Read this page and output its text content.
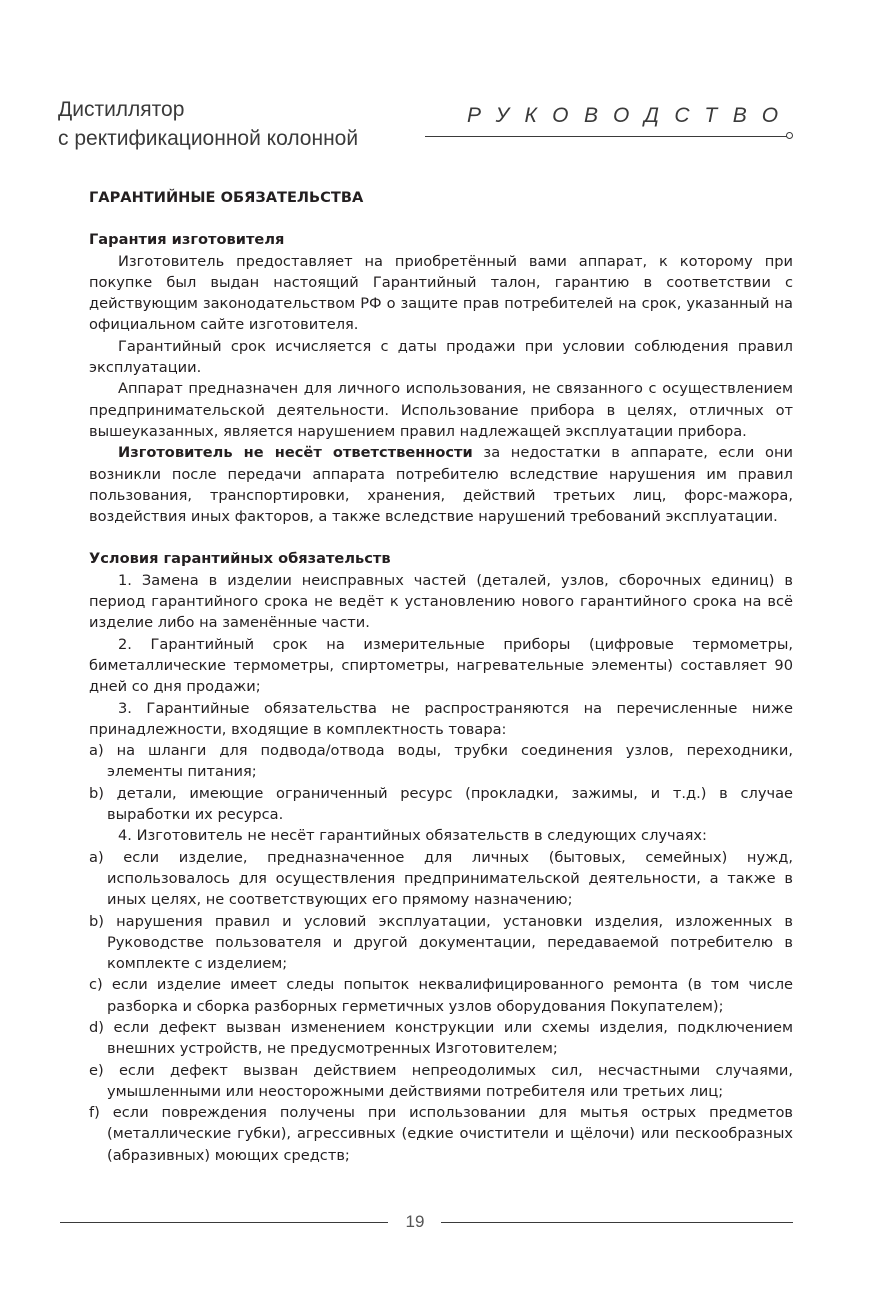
Дистиллятор
с ректификационной колонной
РУКОВОДСТВО

ГАРАНТИЙНЫЕ ОБЯЗАТЕЛЬСТВА

Гарантия изготовителя

Изготовитель предоставляет на приобретённый вами аппарат, к которому при покупке был выдан настоящий Гарантийный талон, гарантию в соответствии с действующим законодательством РФ о защите прав потребителей на срок, указанный на официальном сайте изготовителя.

Гарантийный срок исчисляется с даты продажи при условии соблюдения правил эксплуатации.

Аппарат предназначен для личного использования, не связанного с осуществлением предпринимательской деятельности. Использование прибора в целях, отличных от вышеуказанных, является нарушением правил надлежащей эксплуатации прибора.

Изготовитель не несёт ответственности за недостатки в аппарате, если они возникли после передачи аппарата потребителю вследствие нарушения им правил пользования, транспортировки, хранения, действий третьих лиц, форс-мажора, воздействия иных факторов, а также вследствие нарушений требований эксплуатации.

Условия гарантийных обязательств

1. Замена в изделии неисправных частей (деталей, узлов, сборочных единиц) в период гарантийного срока не ведёт к установлению нового гарантийного срока на всё изделие либо на заменённые части.

2. Гарантийный срок на измерительные приборы (цифровые термометры, биметаллические термометры, спиртометры, нагревательные элементы) составляет 90 дней со дня продажи;

3. Гарантийные обязательства не распространяются на перечисленные ниже принадлежности, входящие в комплектность товара:

a) на шланги для подвода/отвода воды, трубки соединения узлов, переходники, элементы питания;

b) детали, имеющие ограниченный ресурс (прокладки, зажимы, и т.д.) в случае выработки их ресурса.

4. Изготовитель не несёт гарантийных обязательств в следующих случаях:

a) если изделие, предназначенное для личных (бытовых, семейных) нужд, использовалось для осуществления предпринимательской деятельности, а также в иных целях, не соответствующих его прямому назначению;

b) нарушения правил и условий эксплуатации, установки изделия, изложенных в Руководстве пользователя и другой документации, передаваемой потребителю в комплекте с изделием;

c) если изделие имеет следы попыток неквалифицированного ремонта (в том числе разборка и сборка разборных герметичных узлов оборудования Покупателем);

d) если дефект вызван изменением конструкции или схемы изделия, подключением внешних устройств, не предусмотренных Изготовителем;

e) если дефект вызван действием непреодолимых сил, несчастными случаями, умышленными или неосторожными действиями потребителя или третьих лиц;

f) если повреждения получены при использовании для мытья острых предметов (металлические губки), агрессивных (едкие очистители и щёлочи) или пескообразных (абразивных) моющих средств;

19
